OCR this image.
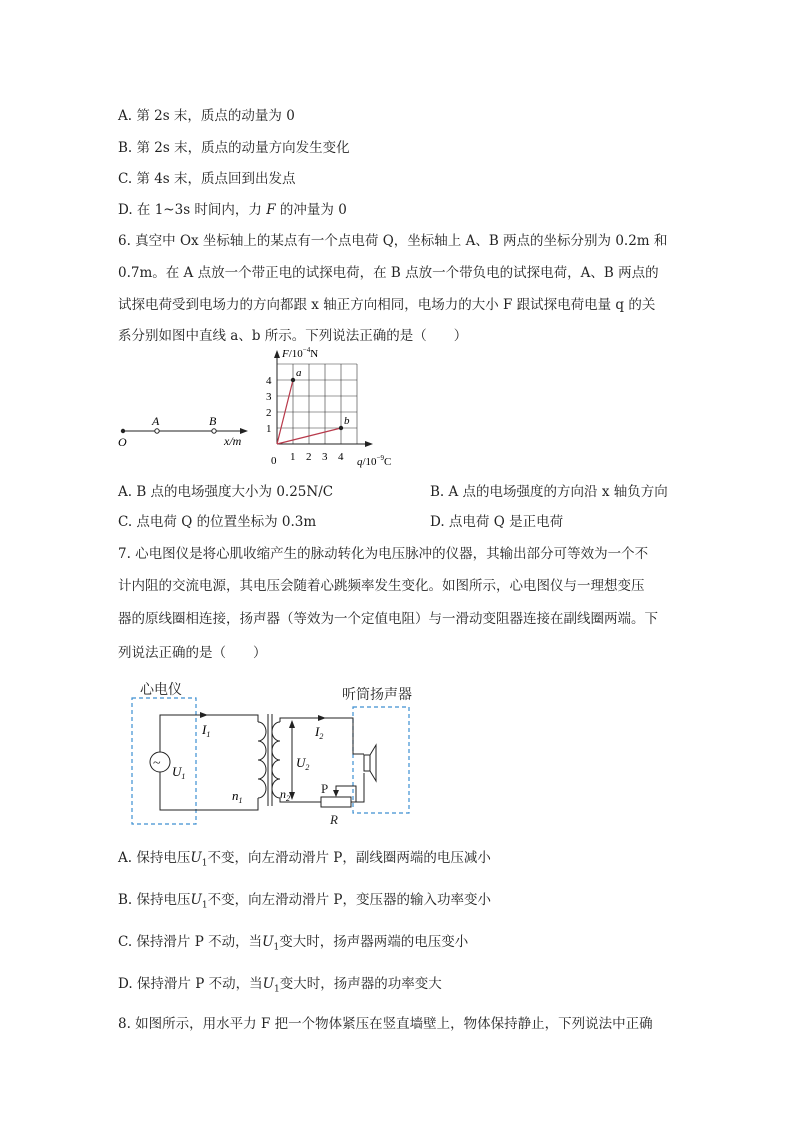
A. 第 2s 末，质点的动量为 0
B. 第 2s 末，质点的动量方向发生变化
C. 第 4s 末，质点回到出发点
D. 在 1~3s 时间内，力 F 的冲量为 0
6. 真空中 Ox 坐标轴上的某点有一个点电荷 Q，坐标轴上 A、B 两点的坐标分别为 0.2m 和
0.7m。在 A 点放一个带正电的试探电荷，在 B 点放一个带负电的试探电荷，A、B 两点的
试探电荷受到电场力的方向都跟 x 轴正方向相同，电场力的大小 F 跟试探电荷电量 q 的关
系分别如图中直线 a、b 所示。下列说法正确的是（　　）
O
A	B
x/m
1 2 3 4
1
2
3
4
a
b
$F/10^{-4}N$
$q/10^{-9}C$
0
A. B 点的电场强度大小为 0.25N/C	B. A 点的电场强度的方向沿 x 轴负方向
C. 点电荷 Q 的位置坐标为 0.3m	D. 点电荷 Q 是正电荷
7. 心电图仪是将心肌收缩产生的脉动转化为电压脉冲的仪器，其输出部分可等效为一个不
计内阻的交流电源，其电压会随着心跳频率发生变化。如图所示，心电图仪与一理想变压
器的原线圈相连接，扬声器（等效为一个定值电阻）与一滑动变阻器连接在副线圈两端。下
列说法正确的是（　　）
心电仪	听筒扬声器
~
$I_1$
$U_1$
$n_1$
$I_2$
$U_2$
$n_2$
P
R
A. 保持电压$U_1$不变，向左滑动滑片 P，副线圈两端的电压减小
B. 保持电压$U_1$不变，向左滑动滑片 P，变压器的输入功率变小
C. 保持滑片 P 不动，当$U_1$变大时，扬声器两端的电压变小
D. 保持滑片 P 不动，当$U_1$变大时，扬声器的功率变大
8. 如图所示，用水平力 F 把一个物体紧压在竖直墙壁上，物体保持静止，下列说法中正确
